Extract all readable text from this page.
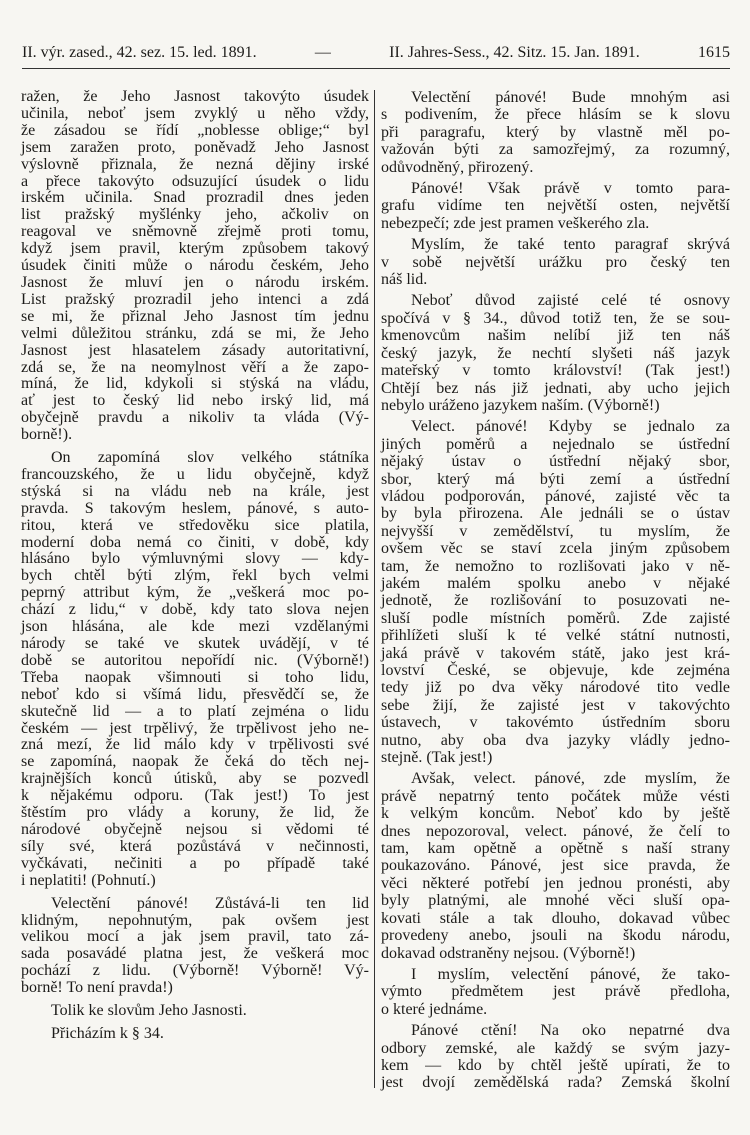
II. výr. zased., 42. sez. 15. led. 1891.	—	II. Jahres-Sess., 42. Sitz. 15. Jan. 1891.	1615
ražen, že Jeho Jasnost takovýto úsudek
učinila, neboť jsem zvyklý u něho vždy,
že zásadou se řídí „noblesse oblige;“ byl
jsem zaražen proto, poněvadž Jeho Jasnost
výslovně přiznala, že nezná dějiny irské
a přece takovýto odsuzující úsudek o lidu
irském učinila. Snad prozradil dnes jeden
list pražský myšlénky jeho, ačkoliv on
reagoval ve sněmovně zřejmě proti tomu,
když jsem pravil, kterým způsobem takový
úsudek činiti může o národu českém, Jeho
Jasnost že mluví jen o národu irském.
List pražský prozradil jeho intenci a zdá
se mi, že přiznal Jeho Jasnost tím jednu
velmi důležitou stránku, zdá se mi, že Jeho
Jasnost jest hlasatelem zásady autoritativní,
zdá se, že na neomylnost věří a že zapo-
míná, že lid, kdykoli si stýská na vládu,
ať jest to český lid nebo irský lid, má
obyčejně pravdu a nikoliv ta vláda (Vý-
borně!).
On zapomíná slov velkého státníka
francouzského, že u lidu obyčejně, když
stýská si na vládu neb na krále, jest
pravda. S takovým heslem, pánové, s auto-
ritou, která ve středověku sice platila,
moderní doba nemá co činiti, v době, kdy
hlásáno bylo výmluvnými slovy — kdy-
bych chtěl býti zlým, řekl bych velmi
peprný attribut kým, že „veškerá moc po-
chází z lidu,“ v době, kdy tato slova nejen
json hlásána, ale kde mezi vzdělanými
národy se také ve skutek uvádějí, v té
době se autoritou nepořídí nic. (Výborně!)
Třeba naopak všimnouti si toho lidu,
neboť kdo si všímá lidu, přesvědčí se, že
skutečně lid — a to platí zejména o lidu
českém — jest trpělivý, že trpělivost jeho ne-
zná mezí, že lid málo kdy v trpělivosti své
se zapomíná, naopak že čeká do těch nej-
krajnějších konců útisků, aby se pozvedl
k nějakému odporu. (Tak jest!) To jest
štěstím pro vlády a koruny, že lid, že
národové obyčejně nejsou si vědomi té
síly své, která pozůstává v nečinnosti,
vyčkávati, nečiniti a po případě také
i neplatiti! (Pohnutí.)
Velectění pánové! Zůstává-li ten lid
klidným, nepohnutým, pak ovšem jest
velikou mocí a jak jsem pravil, tato zá-
sada posavádé platna jest, že veškerá moc
pochází z lidu. (Výborně! Výborně! Vý-
borně! To není pravda!)
Tolik ke slovům Jeho Jasnosti.
Přicházím k § 34.
Velectění pánové! Bude mnohým asi
s podivením, že přece hlásím se k slovu
při paragrafu, který by vlastně měl po-
važován býti za samozřejmý, za rozumný,
odůvodněný, přirozený.
Pánové! Však právě v tomto para-
grafu vidíme ten největší osten, největší
nebezpečí; zde jest pramen veškerého zla.
Myslím, že také tento paragraf skrývá
v sobě největší urážku pro český ten
náš lid.
Neboť důvod zajisté celé té osnovy
spočívá v § 34., důvod totiž ten, že se sou-
kmenovcům našim nelíbí již ten náš
český jazyk, že nechtí slyšeti náš jazyk
mateřský v tomto království! (Tak jest!)
Chtějí bez nás již jednati, aby ucho jejich
nebylo uráženo jazykem naším. (Výborně!)
Velect. pánové! Kdyby se jednalo za
jiných poměrů a nejednalo se ústřední
nějaký ústav o ústřední nějaký sbor,
sbor, který má býti zemí a ústřední
vládou podporován, pánové, zajisté věc ta
by byla přirozena. Ale jednáli se o ústav
nejvyšší v zemědělství, tu myslím, že
ovšem věc se staví zcela jiným způsobem
tam, že nemožno to rozlišovati jako v ně-
jakém malém spolku anebo v nějaké
jednotě, že rozlišování to posuzovati ne-
sluší podle místních poměrů. Zde zajisté
přihlížeti sluší k té velké státní nutnosti,
jaká právě v takovém státě, jako jest krá-
lovství České, se objevuje, kde zejména
tedy již po dva věky národové tito vedle
sebe žijí, že zajisté jest v takovýchto
ústavech, v takovémto ústředním sboru
nutno, aby oba dva jazyky vládly jedno-
stejně. (Tak jest!)
Avšak, velect. pánové, zde myslím, že
právě nepatrný tento počátek může vésti
k velkým koncům. Neboť kdo by ještě
dnes nepozoroval, velect. pánové, že čelí to
tam, kam opětně a opětně s naší strany
poukazováno. Pánové, jest sice pravda, že
věci některé potřebí jen jednou pronésti, aby
byly platnými, ale mnohé věci sluší opa-
kovati stále a tak dlouho, dokavad vůbec
provedeny anebo, jsouli na škodu národu,
dokavad odstraněny nejsou. (Výborně!)
I myslím, velectění pánové, že tako-
výmto předmětem jest právě předloha,
o které jednáme.
Pánové ctění! Na oko nepatrné dva
odbory zemské, ale každý se svým jazy-
kem — kdo by chtěl ještě upírati, že to
jest dvojí zemědělská rada? Zemská školní
